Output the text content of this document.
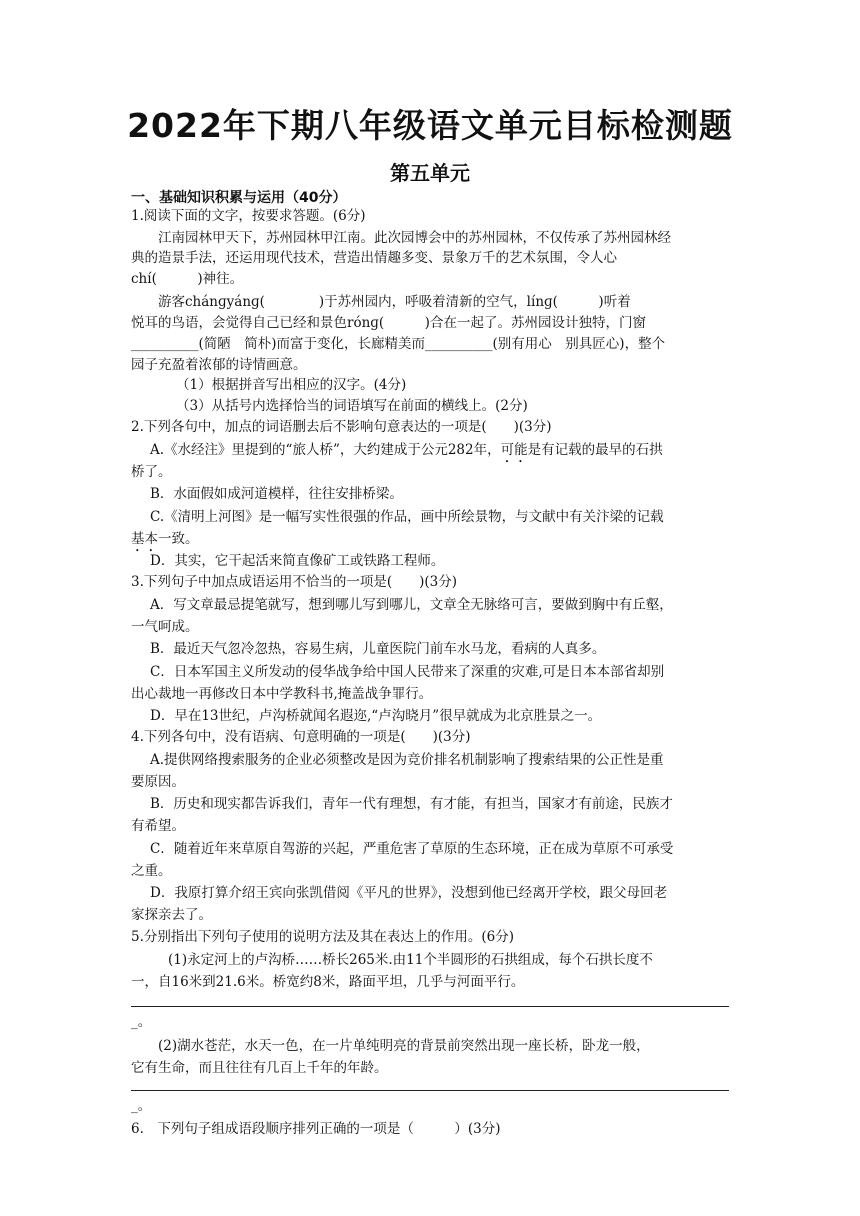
2022年下期八年级语文单元目标检测题
第五单元
一、基础知识积累与运用（40分）
1.阅读下面的文字，按要求答题。(6分)
江南园林甲天下，苏州园林甲江南。此次园博会中的苏州园林，不仅传承了苏州园林经
典的造景手法，还运用现代技术，营造出情趣多变、景象万千的艺术氛围，令人心
chí(　　　)神往。
游客chánɡyánɡ(　　　　)于苏州园内，呼吸着清新的空气，línɡ(　　　)听着
悦耳的鸟语，会觉得自己已经和景色rónɡ(　　　)合在一起了。苏州园设计独特，门窗
__________(简陋　简朴)而富于变化，长廊精美而__________(别有用心　别具匠心)，整个
园子充盈着浓郁的诗情画意。
（1）根据拼音写出相应的汉字。(4分)
（3）从括号内选择恰当的词语填写在前面的横线上。(2分)
2.下列各句中，加点的词语删去后不影响句意表达的一项是(　　)(3分)
A.《水经注》里提到的“旅人桥”，大约建成于公元282年，可能是有记载的最早的石拱
桥了。
B．水面假如成河道模样，往往安排桥梁。
C.《清明上河图》是一幅写实性很强的作品，画中所绘景物，与文献中有关汴梁的记载
基本一致。
D．其实，它干起活来简直像矿工或铁路工程师。
3.下列句子中加点成语运用不恰当的一项是(　　)(3分)
A．写文章最忌提笔就写，想到哪儿写到哪儿，文章全无脉络可言，要做到胸中有丘壑，
一气呵成。
B．最近天气忽冷忽热，容易生病，儿童医院门前车水马龙，看病的人真多。
C．日本军国主义所发动的侵华战争给中国人民带来了深重的灾难,可是日本本部省却别
出心裁地一再修改日本中学教科书,掩盖战争罪行。
D．早在13世纪，卢沟桥就闻名遐迩,“卢沟晓月”很早就成为北京胜景之一。
4.下列各句中，没有语病、句意明确的一项是(　　)(3分)
A.提供网络搜索服务的企业必须整改是因为竞价排名机制影响了搜索结果的公正性是重
要原因。
B．历史和现实都告诉我们，青年一代有理想，有才能，有担当，国家才有前途，民族才
有希望。
C．随着近年来草原自驾游的兴起，严重危害了草原的生态环境，正在成为草原不可承受
之重。
D．我原打算介绍王宾向张凯借阅《平凡的世界》，没想到他已经离开学校，跟父母回老
家探亲去了。
5.分别指出下列句子使用的说明方法及其在表达上的作用。(6分)
(1)永定河上的卢沟桥……桥长265米.由11个半圆形的石拱组成，每个石拱长度不
一，自16米到21.6米。桥宽约8米，路面平坦，几乎与河面平行。
_。
(2)湖水苍茫，水天一色，在一片单纯明亮的背景前突然出现一座长桥，卧龙一般，
它有生命，而且往往有几百上千年的年龄。
_。
6.　下列句子组成语段顺序排列正确的一项是（　　　）(3分)
